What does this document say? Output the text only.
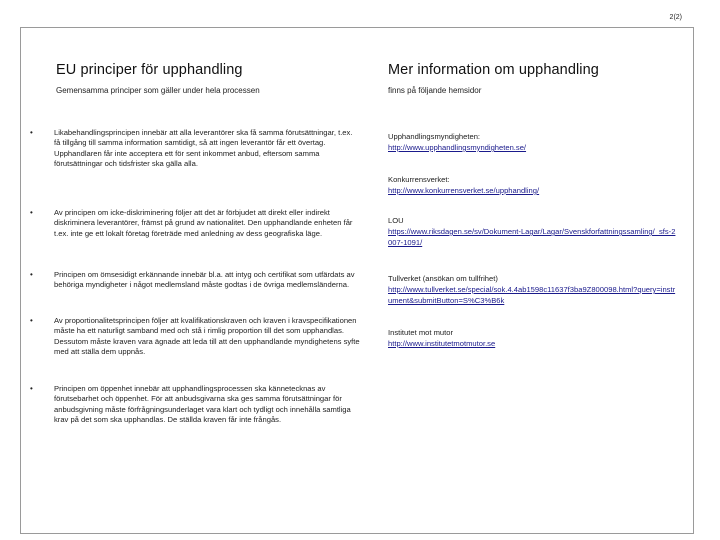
2(2)
EU principer för upphandling
Gemensamma principer som gäller under hela processen
•	Likabehandlingsprincipen innebär att alla leverantörer ska få samma förutsättningar, t.ex. få tillgång till samma information samtidigt, så att ingen leverantör får ett övertag. Upphandlaren får inte acceptera ett för sent inkommet anbud, eftersom samma förutsättningar och tidsfrister ska gälla alla.
•	Av principen om icke-diskriminering följer att det är förbjudet att direkt eller indirekt diskriminera leverantörer, främst på grund av nationalitet. Den upphandlande enheten får t.ex. inte ge ett lokalt företag företräde med anledning av dess geografiska läge.
•	Principen om ömsesidigt erkännande innebär bl.a. att intyg och certifikat som utfärdats av behöriga myndigheter i något medlemsland måste godtas i de övriga medlemsländerna.
•	Av proportionalitetsprincipen följer att kvalifikationskraven och kraven i kravspecifikationen måste ha ett naturligt samband med och stå i rimlig proportion till det som upphandlas. Dessutom måste kraven vara ägnade att leda till att den upphandlande myndighetens syfte med att ställa dem uppnås.
•	Principen om öppenhet innebär att upphandlingsprocessen ska kännetecknas av förutsebarhet och öppenhet. För att anbudsgivarna ska ges samma förutsättningar för anbudsgivning måste förfrågningsunderlaget vara klart och tydligt och innehålla samtliga krav på det som ska upphandlas. De ställda kraven får inte frångås.
Mer information om upphandling
finns på följande hemsidor
Upphandlingsmyndigheten:
http://www.upphandlingsmyndigheten.se/
Konkurrensverket:
http://www.konkurrensverket.se/upphandling/
LOU
https://www.riksdagen.se/sv/Dokument-Lagar/Lagar/Svenskforfattningssamling/_sfs-2007-1091/
Tullverket (ansökan om tullfrihet)
http://www.tullverket.se/special/sok.4.4ab1598c11637f3ba9Z800098.html?query=instrument&submitButton=S%C3%B6k
Institutet mot mutor
http://www.institutetmotmutor.se
